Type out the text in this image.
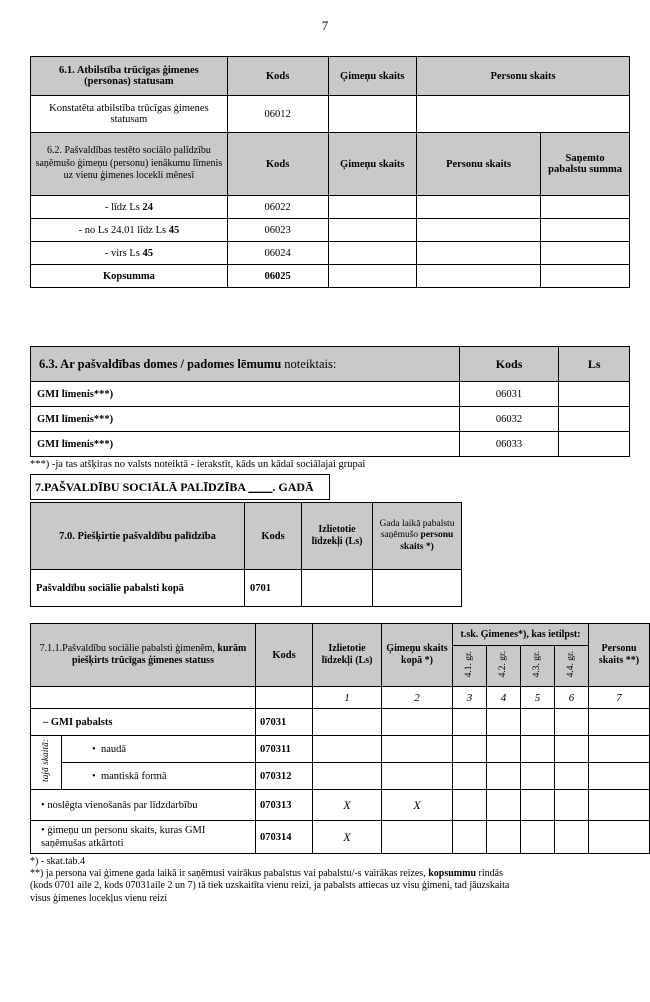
7
6.1. Atbilstība trūcīgas ģimenes (personas) statusam	Kods	Ģimeņu skaits	Personu skaits	
Konstatēta atbilstība trūcīgas ģimenes statusam	06012			
6.2. Pašvaldības testēto sociālo palīdzību saņēmušo ģimeņu (personu) ienākumu līmenis uz vienu ģimenes locekli mēnesī	Kods	Ģimeņu skaits	Personu skaits	Saņemto pabalstu summa
- līdz Ls 24	06022			
- no Ls 24.01 līdz Ls 45	06023			
- virs Ls 45	06024			
Kopsumma	06025			
6.3. Ar pašvaldības domes / padomes lēmumu noteiktais:	Kods	Ls
GMI līmenis***)	06031	
GMI līmenis***)	06032	
GMI līmenis***)	06033	
***) -ja tas atšķiras no valsts noteiktā - ierakstīt, kāds un kādai sociālajai grupai
7.PAŠVALDĪBU SOCIĀLĀ PALĪDZĪBA ____. GADĀ
7.0. Piešķirtie pašvaldību palīdzība	Kods	Izlietotie līdzekļi (Ls)	Gada laikā pabalstu saņēmušo personu skaits *)
Pašvaldību sociālie pabalsti kopā	0701		
7.1.1.Pašvaldību sociālie pabalsti ģimenēm, kurām piešķirts trūcīgas ģimenes statuss		Kods	Izlietotie līdzekļi (Ls)	Ģimeņu skaits kopā *)	t.sk. Ģimenes*), kas ietilpst:				Personu skaits **)
					4.1. gr.	4.2. gr.	4.3. gr.	4.4. gr.	
			1	2	3	4	5	6	7
– GMI pabalsts		07031							
tajā skaitā:	•  naudā	070311							
	•  mantiskā formā	070312							
• noslēgta vienošanās par līdzdarbību		070313	X	X					
• ģimeņu un personu skaits, kuras GMI saņēmušas atkārtoti		070314	X						
*) - skat.tab.4
**) ja persona vai ģimene gada laikā ir saņēmusi vairākus pabalstus vai pabalstu/-s vairākas reizes, kopsummu rindās
(kods 0701 aile 2, kods 07031aile 2 un 7) tā tiek uzskaitīta vienu reizi, ja pabalsts attiecas uz visu ģimeni, tad jāuzskaita
visus ģimenes locekļus vienu reizi
